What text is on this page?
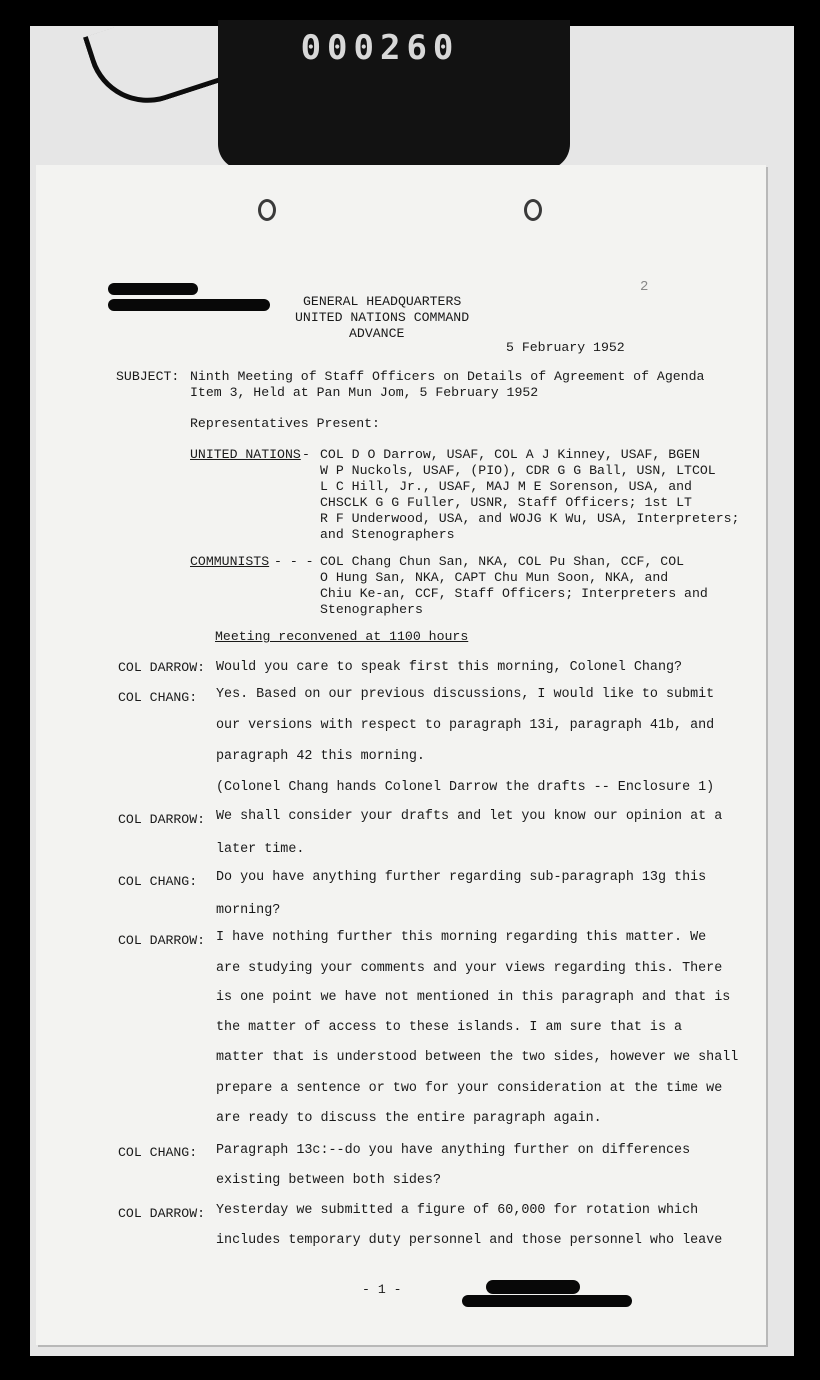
000260
2
GENERAL HEADQUARTERS
UNITED NATIONS COMMAND
ADVANCE
5 February 1952
SUBJECT: Ninth Meeting of Staff Officers on Details of Agreement of Agenda
Item 3, Held at Pan Mun Jom, 5 February 1952
Representatives Present:
UNITED NATIONS - COL D O Darrow, USAF, COL A J Kinney, USAF, BGEN
W P Nuckols, USAF, (PIO), CDR G G Ball, USN, LTCOL
L C Hill, Jr., USAF, MAJ M E Sorenson, USA, and
CHSCLK G G Fuller, USNR, Staff Officers; 1st LT
R F Underwood, USA, and WOJG K Wu, USA, Interpreters;
and Stenographers
COMMUNISTS - - - COL Chang Chun San, NKA, COL Pu Shan, CCF, COL
O Hung San, NKA, CAPT Chu Mun Soon, NKA, and
Chiu Ke-an, CCF, Staff Officers; Interpreters and
Stenographers
Meeting reconvened at 1100 hours
COL DARROW: Would you care to speak first this morning, Colonel Chang?
COL CHANG: Yes. Based on our previous discussions, I would like to submit
our versions with respect to paragraph 13i, paragraph 41b, and
paragraph 42 this morning.
(Colonel Chang hands Colonel Darrow the drafts -- Enclosure 1)
COL DARROW: We shall consider your drafts and let you know our opinion at a
later time.
COL CHANG: Do you have anything further regarding sub-paragraph 13g this
morning?
COL DARROW: I have nothing further this morning regarding this matter. We
are studying your comments and your views regarding this. There
is one point we have not mentioned in this paragraph and that is
the matter of access to these islands. I am sure that is a
matter that is understood between the two sides, however we shall
prepare a sentence or two for your consideration at the time we
are ready to discuss the entire paragraph again.
COL CHANG: Paragraph 13c:--do you have anything further on differences
existing between both sides?
COL DARROW: Yesterday we submitted a figure of 60,000 for rotation which
includes temporary duty personnel and those personnel who leave
- 1 -
